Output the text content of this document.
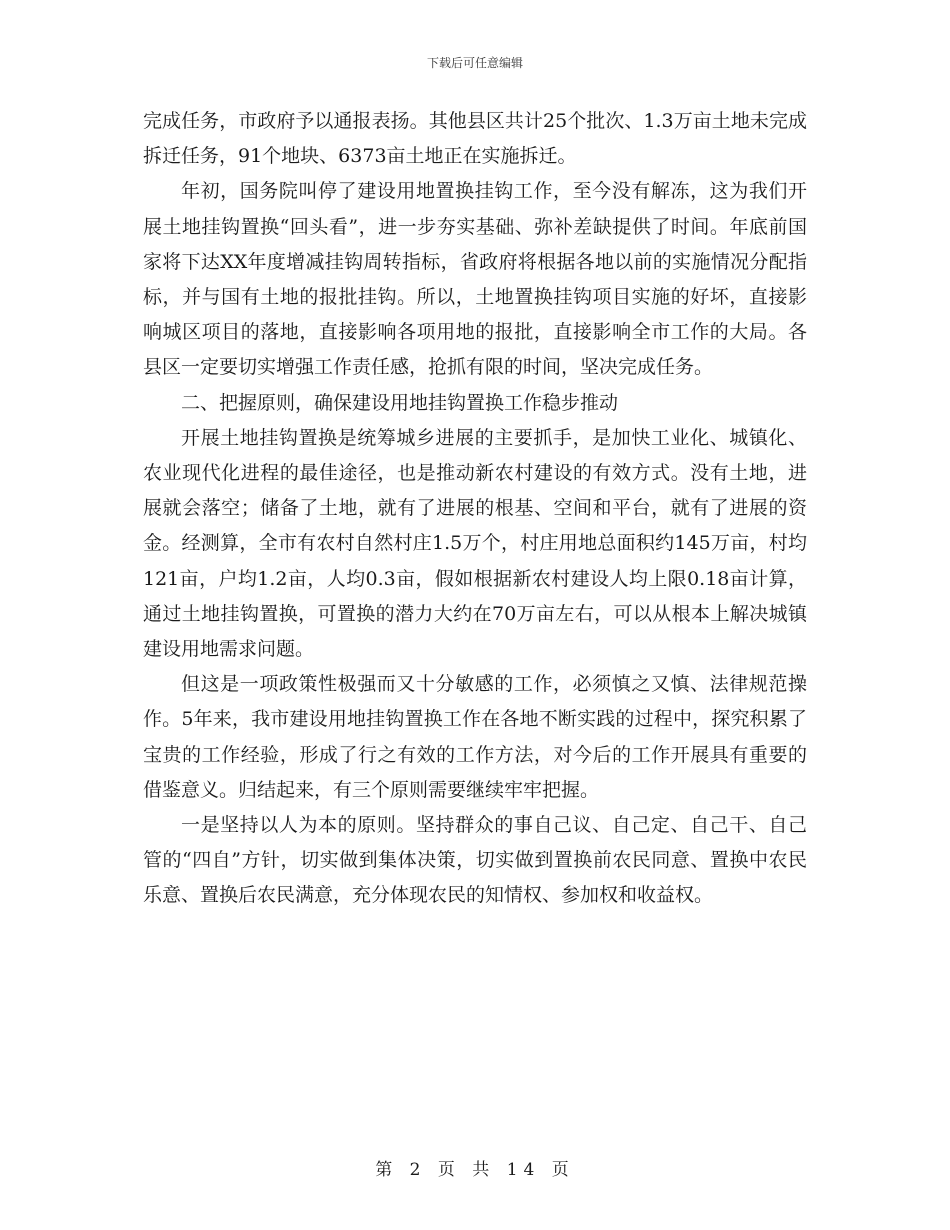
下载后可任意编辑

完成任务，市政府予以通报表扬。其他县区共计25个批次、1.3万亩土地未完成拆迁任务，91个地块、6373亩土地正在实施拆迁。

年初，国务院叫停了建设用地置换挂钩工作，至今没有解冻，这为我们开展土地挂钩置换“回头看”，进一步夯实基础、弥补差缺提供了时间。年底前国家将下达XX年度增减挂钩周转指标，省政府将根据各地以前的实施情况分配指标，并与国有土地的报批挂钩。所以，土地置换挂钩项目实施的好坏，直接影响城区项目的落地，直接影响各项用地的报批，直接影响全市工作的大局。各县区一定要切实增强工作责任感，抢抓有限的时间，坚决完成任务。

二、把握原则，确保建设用地挂钩置换工作稳步推动

开展土地挂钩置换是统筹城乡进展的主要抓手，是加快工业化、城镇化、农业现代化进程的最佳途径，也是推动新农村建设的有效方式。没有土地，进展就会落空；储备了土地，就有了进展的根基、空间和平台，就有了进展的资金。经测算，全市有农村自然村庄1.5万个，村庄用地总面积约145万亩，村均121亩，户均1.2亩，人均0.3亩，假如根据新农村建设人均上限0.18亩计算，通过土地挂钩置换，可置换的潜力大约在70万亩左右，可以从根本上解决城镇建设用地需求问题。

但这是一项政策性极强而又十分敏感的工作，必须慎之又慎、法律规范操作。5年来，我市建设用地挂钩置换工作在各地不断实践的过程中，探究积累了宝贵的工作经验，形成了行之有效的工作方法，对今后的工作开展具有重要的借鉴意义。归结起来，有三个原则需要继续牢牢把握。

一是坚持以人为本的原则。坚持群众的事自己议、自己定、自己干、自己管的“四自”方针，切实做到集体决策，切实做到置换前农民同意、置换中农民乐意、置换后农民满意，充分体现农民的知情权、参加权和收益权。

第 2 页 共 14 页
